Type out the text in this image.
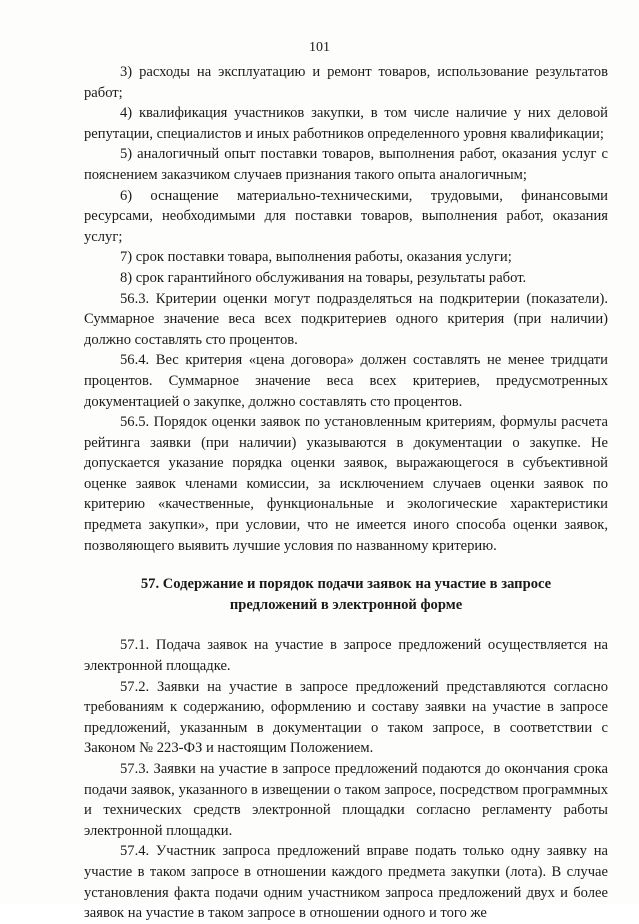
101

3) расходы на эксплуатацию и ремонт товаров, использование результатов работ;

4) квалификация участников закупки, в том числе наличие у них деловой репутации, специалистов и иных работников определенного уровня квалификации;

5) аналогичный опыт поставки товаров, выполнения работ, оказания услуг с пояснением заказчиком случаев признания такого опыта аналогичным;

6) оснащение материально-техническими, трудовыми, финансовыми ресурсами, необходимыми для поставки товаров, выполнения работ, оказания услуг;

7) срок поставки товара, выполнения работы, оказания услуги;

8) срок гарантийного обслуживания на товары, результаты работ.

56.3. Критерии оценки могут подразделяться на подкритерии (показатели). Суммарное значение веса всех подкритериев одного критерия (при наличии) должно составлять сто процентов.

56.4. Вес критерия «цена договора» должен составлять не менее тридцати процентов. Суммарное значение веса всех критериев, предусмотренных документацией о закупке, должно составлять сто процентов.

56.5. Порядок оценки заявок по установленным критериям, формулы расчета рейтинга заявки (при наличии) указываются в документации о закупке. Не допускается указание порядка оценки заявок, выражающегося в субъективной оценке заявок членами комиссии, за исключением случаев оценки заявок по критерию «качественные, функциональные и экологические характеристики предмета закупки», при условии, что не имеется иного способа оценки заявок, позволяющего выявить лучшие условия по названному критерию.

57. Содержание и порядок подачи заявок на участие в запросе предложений в электронной форме

57.1. Подача заявок на участие в запросе предложений осуществляется на электронной площадке.

57.2. Заявки на участие в запросе предложений представляются согласно требованиям к содержанию, оформлению и составу заявки на участие в запросе предложений, указанным в документации о таком запросе, в соответствии с Законом № 223-ФЗ и настоящим Положением.

57.3. Заявки на участие в запросе предложений подаются до окончания срока подачи заявок, указанного в извещении о таком запросе, посредством программных и технических средств электронной площадки согласно регламенту работы электронной площадки.

57.4. Участник запроса предложений вправе подать только одну заявку на участие в таком запросе в отношении каждого предмета закупки (лота). В случае установления факта подачи одним участником запроса предложений двух и более заявок на участие в таком запросе в отношении одного и того же
